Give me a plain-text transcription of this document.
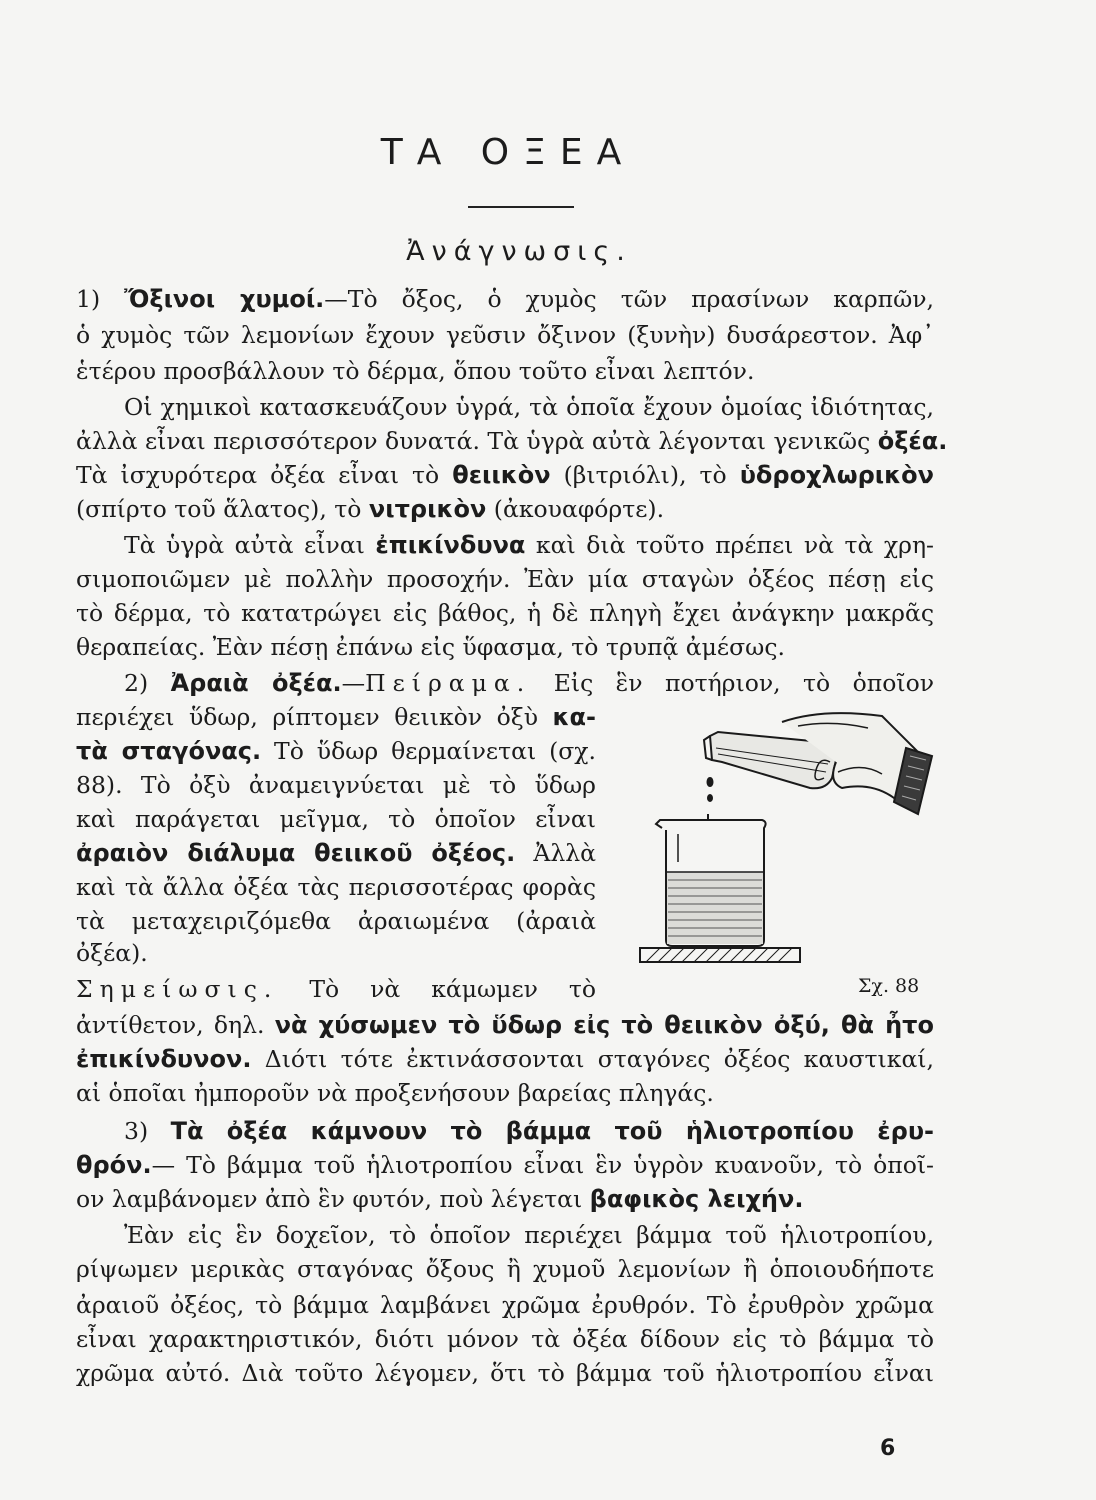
ΤΑ ΟΞΕΑ
Ἀνάγνωσις.
1) Ὄξινοι χυμοί.—Τὸ ὄξος, ὁ χυμὸς τῶν πρασίνων καρπῶν,
ὁ χυμὸς τῶν λεμονίων ἔχουν γεῦσιν ὄξινον (ξυνὴν) δυσάρεστον. Ἀφ᾽
ἑτέρου προσβάλλουν τὸ δέρμα, ὅπου τοῦτο εἶναι λεπτόν.
Οἱ χημικοὶ κατασκευάζουν ὑγρά, τὰ ὁποῖα ἔχουν ὁμοίας ἰδιότητας,
ἀλλὰ εἶναι περισσότερον δυνατά. Τὰ ὑγρὰ αὐτὰ λέγονται γενικῶς ὀξέα.
Τὰ ἰσχυρότερα ὀξέα εἶναι τὸ θειικὸν (βιτριόλι), τὸ ὑδροχλωρικὸν
(σπίρτο τοῦ ἅλατος), τὸ νιτρικὸν (ἀκουαφόρτε).
Τὰ ὑγρὰ αὐτὰ εἶναι ἐπικίνδυνα καὶ διὰ τοῦτο πρέπει νὰ τὰ χρη-
σιμοποιῶμεν μὲ πολλὴν προσοχήν. Ἐὰν μία σταγὼν ὀξέος πέσῃ εἰς
τὸ δέρμα, τὸ κατατρώγει εἰς βάθος, ἡ δὲ πληγὴ ἔχει ἀνάγκην μακρᾶς
θεραπείας. Ἐὰν πέσῃ ἐπάνω εἰς ὕφασμα, τὸ τρυπᾷ ἀμέσως.
2) Ἀραιὰ ὀξέα.—Πείραμα. Εἰς ἓν ποτήριον, τὸ ὁποῖον
περιέχει ὕδωρ, ρίπτομεν θειικὸν ὀξὺ κα-
τὰ σταγόνας. Τὸ ὕδωρ θερμαίνεται (σχ.
88). Τὸ ὀξὺ ἀναμειγνύεται μὲ τὸ ὕδωρ
καὶ παράγεται μεῖγμα, τὸ ὁποῖον εἶναι
ἀραιὸν διάλυμα θειικοῦ ὀξέος. Ἀλλὰ
καὶ τὰ ἄλλα ὀξέα τὰς περισσοτέρας φορὰς
τὰ μεταχειριζόμεθα ἀραιωμένα (ἀραιὰ
ὀξέα).
Σημείωσις. Τὸ νὰ κάμωμεν τὸ
ἀντίθετον, δηλ. νὰ χύσωμεν τὸ ὕδωρ εἰς τὸ θειικὸν ὀξύ, θὰ ἦτο
ἐπικίνδυνον. Διότι τότε ἐκτινάσσονται σταγόνες ὀξέος καυστικαί,
αἱ ὁποῖαι ἠμποροῦν νὰ προξενήσουν βαρείας πληγάς.
Σχ. 88
3) Τὰ ὀξέα κάμνουν τὸ βάμμα τοῦ ἡλιοτροπίου ἐρυ-
θρόν.— Τὸ βάμμα τοῦ ἡλιοτροπίου εἶναι ἓν ὑγρὸν κυανοῦν, τὸ ὁποῖ-
ον λαμβάνομεν ἀπὸ ἓν φυτόν, ποὺ λέγεται βαφικὸς λειχήν.
Ἐὰν εἰς ἓν δοχεῖον, τὸ ὁποῖον περιέχει βάμμα τοῦ ἡλιοτροπίου,
ρίψωμεν μερικὰς σταγόνας ὄξους ἢ χυμοῦ λεμονίων ἢ ὁποιουδήποτε
ἀραιοῦ ὀξέος, τὸ βάμμα λαμβάνει χρῶμα ἐρυθρόν. Τὸ ἐρυθρὸν χρῶμα
εἶναι χαρακτηριστικόν, διότι μόνον τὰ ὀξέα δίδουν εἰς τὸ βάμμα τὸ
χρῶμα αὐτό. Διὰ τοῦτο λέγομεν, ὅτι τὸ βάμμα τοῦ ἡλιοτροπίου εἶναι
6
